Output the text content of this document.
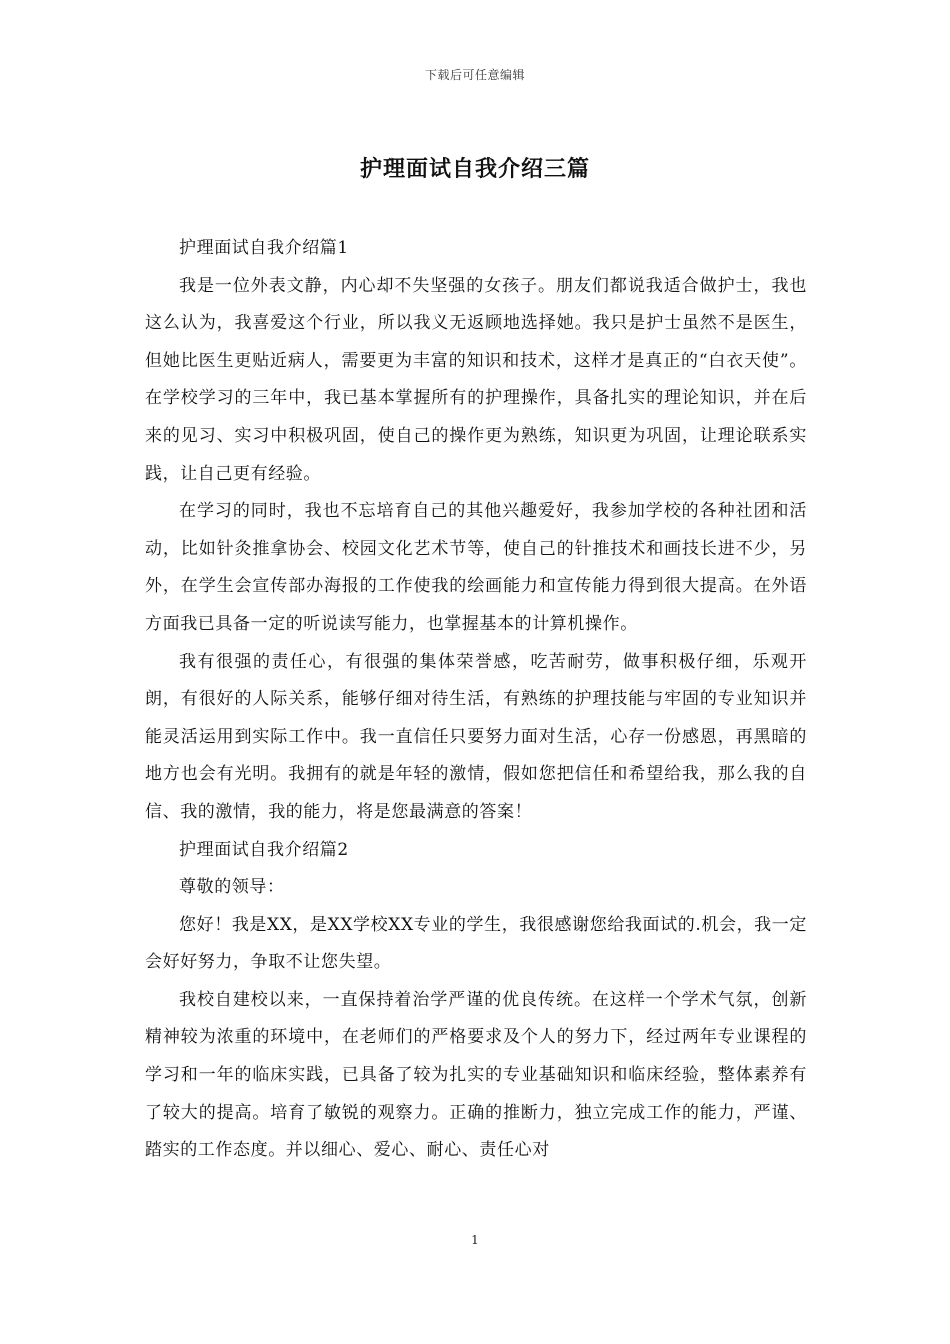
下载后可任意编辑
护理面试自我介绍三篇

护理面试自我介绍篇1

我是一位外表文静，内心却不失坚强的女孩子。朋友们都说我适合做护士，我也这么认为，我喜爱这个行业，所以我义无返顾地选择她。我只是护士虽然不是医生，但她比医生更贴近病人，需要更为丰富的知识和技术，这样才是真正的“白衣天使”。在学校学习的三年中，我已基本掌握所有的护理操作，具备扎实的理论知识，并在后来的见习、实习中积极巩固，使自己的操作更为熟练，知识更为巩固，让理论联系实践，让自己更有经验。

在学习的同时，我也不忘培育自己的其他兴趣爱好，我参加学校的各种社团和活动，比如针灸推拿协会、校园文化艺术节等，使自己的针推技术和画技长进不少，另外，在学生会宣传部办海报的工作使我的绘画能力和宣传能力得到很大提高。在外语方面我已具备一定的听说读写能力，也掌握基本的计算机操作。

我有很强的责任心，有很强的集体荣誉感，吃苦耐劳，做事积极仔细，乐观开朗，有很好的人际关系，能够仔细对待生活，有熟练的护理技能与牢固的专业知识并能灵活运用到实际工作中。我一直信任只要努力面对生活，心存一份感恩，再黑暗的地方也会有光明。我拥有的就是年轻的激情，假如您把信任和希望给我，那么我的自信、我的激情，我的能力，将是您最满意的答案！

护理面试自我介绍篇2

尊敬的领导：

您好！我是XX，是XX学校XX专业的学生，我很感谢您给我面试的.机会，我一定会好好努力，争取不让您失望。

我校自建校以来，一直保持着治学严谨的优良传统。在这样一个学术气氛，创新精神较为浓重的环境中，在老师们的严格要求及个人的努力下，经过两年专业课程的学习和一年的临床实践，已具备了较为扎实的专业基础知识和临床经验，整体素养有了较大的提高。培育了敏锐的观察力。正确的推断力，独立完成工作的能力，严谨、踏实的工作态度。并以细心、爱心、耐心、责任心对

1
